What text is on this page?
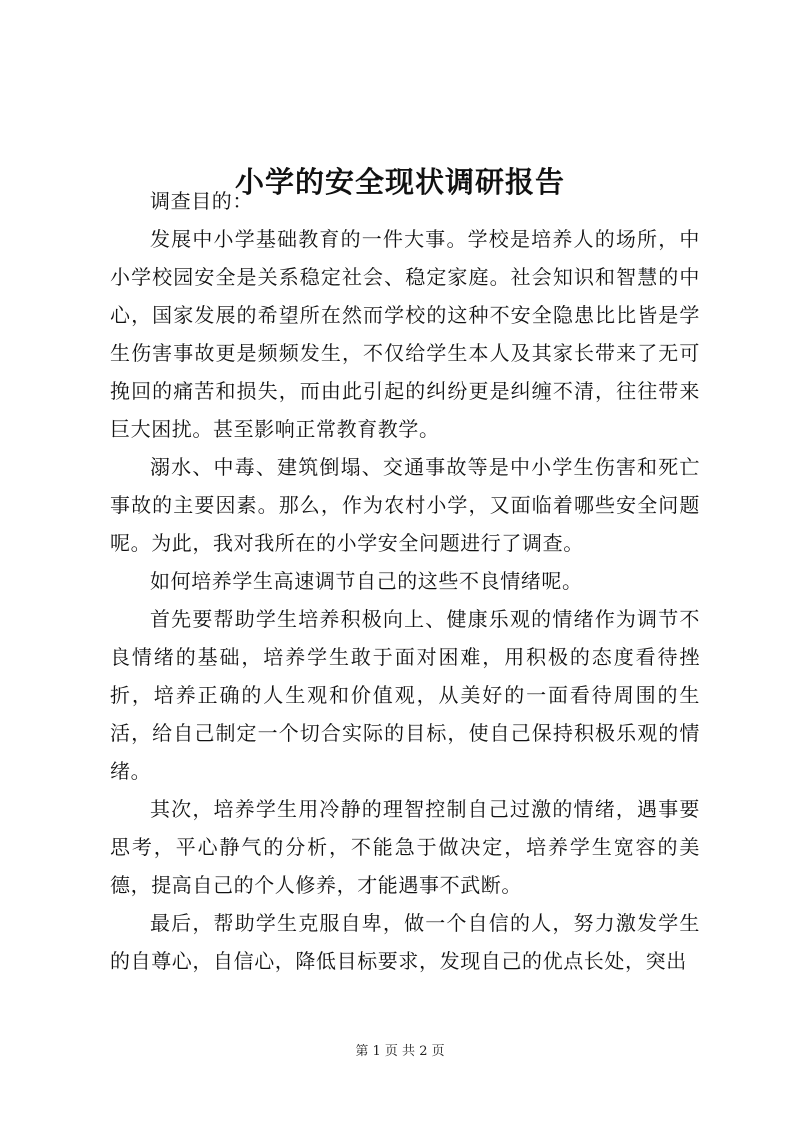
小学的安全现状调研报告

调查目的：

发展中小学基础教育的一件大事。学校是培养人的场所，中小学校园安全是关系稳定社会、稳定家庭。社会知识和智慧的中心，国家发展的希望所在然而学校的这种不安全隐患比比皆是学生伤害事故更是频频发生，不仅给学生本人及其家长带来了无可挽回的痛苦和损失，而由此引起的纠纷更是纠缠不清，往往带来巨大困扰。甚至影响正常教育教学。

溺水、中毒、建筑倒塌、交通事故等是中小学生伤害和死亡事故的主要因素。那么，作为农村小学，又面临着哪些安全问题呢。为此，我对我所在的小学安全问题进行了调查。

如何培养学生高速调节自己的这些不良情绪呢。

首先要帮助学生培养积极向上、健康乐观的情绪作为调节不良情绪的基础，培养学生敢于面对困难，用积极的态度看待挫折，培养正确的人生观和价值观，从美好的一面看待周围的生活，给自己制定一个切合实际的目标，使自己保持积极乐观的情绪。

其次，培养学生用冷静的理智控制自己过激的情绪，遇事要思考，平心静气的分析，不能急于做决定，培养学生宽容的美德，提高自己的个人修养，才能遇事不武断。

最后，帮助学生克服自卑，做一个自信的人，努力激发学生的自尊心，自信心，降低目标要求，发现自己的优点长处，突出

第 1 页 共 2 页
